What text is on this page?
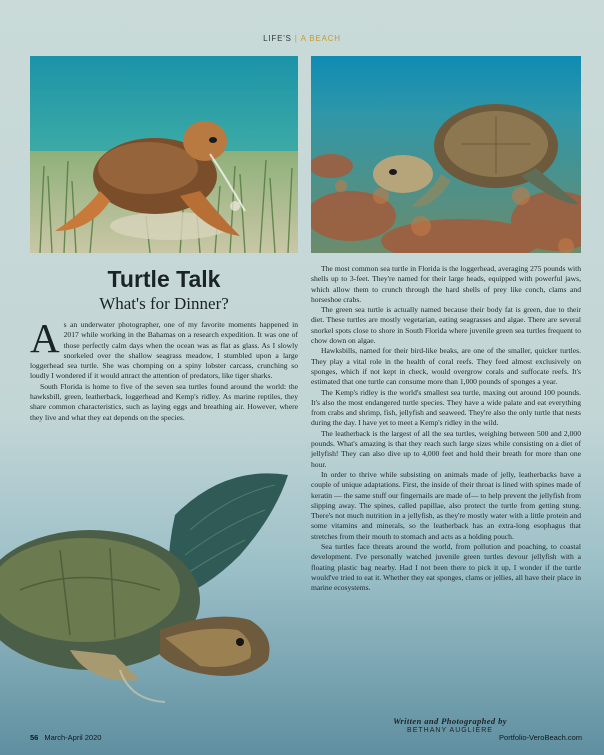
LIFE'S | A BEACH
Turtle Talk
What's for Dinner?

As an underwater photographer, one of my favorite moments happened in 2017 while working in the Bahamas on a research expedition. It was one of those perfectly calm days when the ocean was as flat as glass. As I slowly snorkeled over the shallow seagrass meadow, I stumbled upon a large loggerhead sea turtle. She was chomping on a spiny lobster carcass, crunching so loudly I wondered if it would attract the attention of predators, like tiger sharks.

South Florida is home to five of the seven sea turtles found around the world: the hawksbill, green, leatherback, loggerhead and Kemp's ridley. As marine reptiles, they share common characteristics, such as laying eggs and breathing air. However, where they live and what they eat depends on the species.

The most common sea turtle in Florida is the loggerhead, averaging 275 pounds with shells up to 3-feet. They're named for their large heads, equipped with powerful jaws, which allow them to crunch through the hard shells of prey like conch, clams and horseshoe crabs.

The green sea turtle is actually named because their body fat is green, due to their diet. These turtles are mostly vegetarian, eating seagrasses and algae. There are several snorkel spots close to shore in South Florida where juvenile green sea turtles frequent to chow down on algae.

Hawksbills, named for their bird-like beaks, are one of the smaller, quicker turtles. They play a vital role in the health of coral reefs. They feed almost exclusively on sponges, which if not kept in check, would overgrow corals and suffocate reefs. It's estimated that one turtle can consume more than 1,000 pounds of sponges a year.

The Kemp's ridley is the world's smallest sea turtle, maxing out around 100 pounds. It's also the most endangered turtle species. They have a wide palate and eat everything from crabs and shrimp, fish, jellyfish and seaweed. They're also the only turtle that nests during the day. I have yet to meet a Kemp's ridley in the wild.

The leatherback is the largest of all the sea turtles, weighing between 500 and 2,000 pounds. What's amazing is that they reach such large sizes while consisting on a diet of jellyfish! They can also dive up to 4,000 feet and hold their breath for more than one hour.

In order to thrive while subsisting on animals made of jelly, leatherbacks have a couple of unique adaptations. First, the inside of their throat is lined with spines made of keratin — the same stuff our fingernails are made of— to help prevent the jellyfish from slipping away. The spines, called papillae, also protect the turtle from getting stung. There's not much nutrition in a jellyfish, as they're mostly water with a little protein and some vitamins and minerals, so the leatherback has an extra-long esophagus that stretches from their mouth to stomach and acts as a holding pouch.

Sea turtles face threats around the world, from pollution and poaching, to coastal development. I've personally watched juvenile green turtles devour jellyfish with a floating plastic bag nearby. Had I not been there to pick it up, I wonder if the turtle would've tried to eat it. Whether they eat sponges, clams or jellies, all have their place in marine ecosystems.

Written and Photographed by
BETHANY AUGLIERE
56 March-April 2020	Portfolio-VeroBeach.com
